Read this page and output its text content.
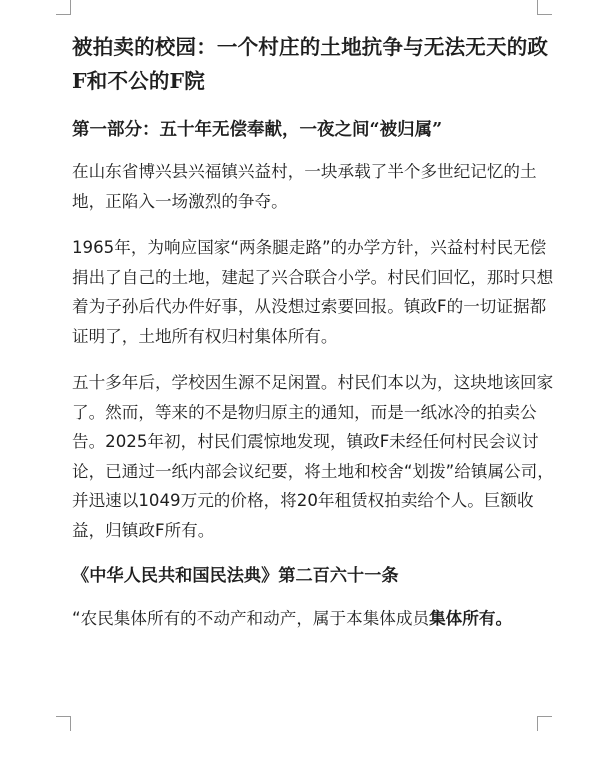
被拍卖的校园：一个村庄的土地抗争与无法无天的政F和不公的F院
第一部分：五十年无偿奉献，一夜之间“被归属”

在山东省博兴县兴福镇兴益村，一块承载了半个多世纪记忆的土地，正陷入一场激烈的争夺。

1965年，为响应国家“两条腿走路”的办学方针，兴益村村民无偿捐出了自己的土地，建起了兴合联合小学。村民们回忆，那时只想着为子孙后代办件好事，从没想过索要回报。镇政F的一切证据都证明了，土地所有权归村集体所有。

五十多年后，学校因生源不足闲置。村民们本以为，这块地该回家了。然而，等来的不是物归原主的通知，而是一纸冰冷的拍卖公告。2025年初，村民们震惊地发现，镇政F未经任何村民会议讨论，已通过一纸内部会议纪要，将土地和校舍“划拨”给镇属公司，并迅速以1049万元的价格，将20年租赁权拍卖给个人。巨额收益，归镇政F所有。

《中华人民共和国民法典》第二百六十一条

“农民集体所有的不动产和动产，属于本集体成员集体所有。
